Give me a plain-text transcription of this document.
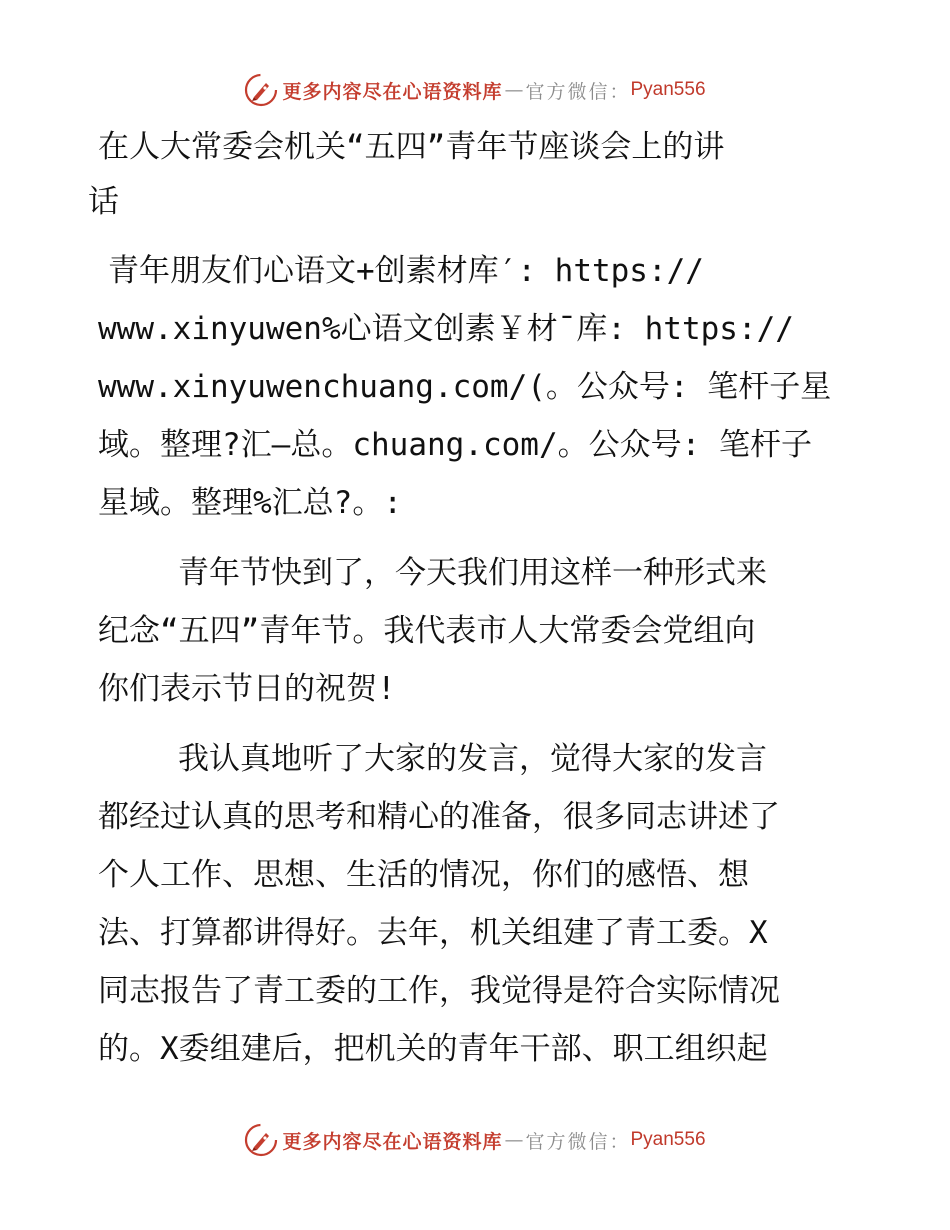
更多内容尽在心语资料库 — 官方微信： Pyan556

在人大常委会机关“五四”青年节座谈会上的讲
话

青年朋友们心语文+创素材库′: https://
www.xinyuwen%心语文创素￥材¯库: https://
www.xinyuwenchuang.com/(。公众号: 笔杆子星
域。整理?汇—总。chuang.com/。公众号: 笔杆子
星域。整理%汇总?。:

青年节快到了，今天我们用这样一种形式来
纪念“五四”青年节。我代表市人大常委会党组向
你们表示节日的祝贺!

我认真地听了大家的发言，觉得大家的发言
都经过认真的思考和精心的准备，很多同志讲述了
个人工作、思想、生活的情况，你们的感悟、想
法、打算都讲得好。去年，机关组建了青工委。X
同志报告了青工委的工作，我觉得是符合实际情况
的。X委组建后，把机关的青年干部、职工组织起

更多内容尽在心语资料库 — 官方微信： Pyan556
